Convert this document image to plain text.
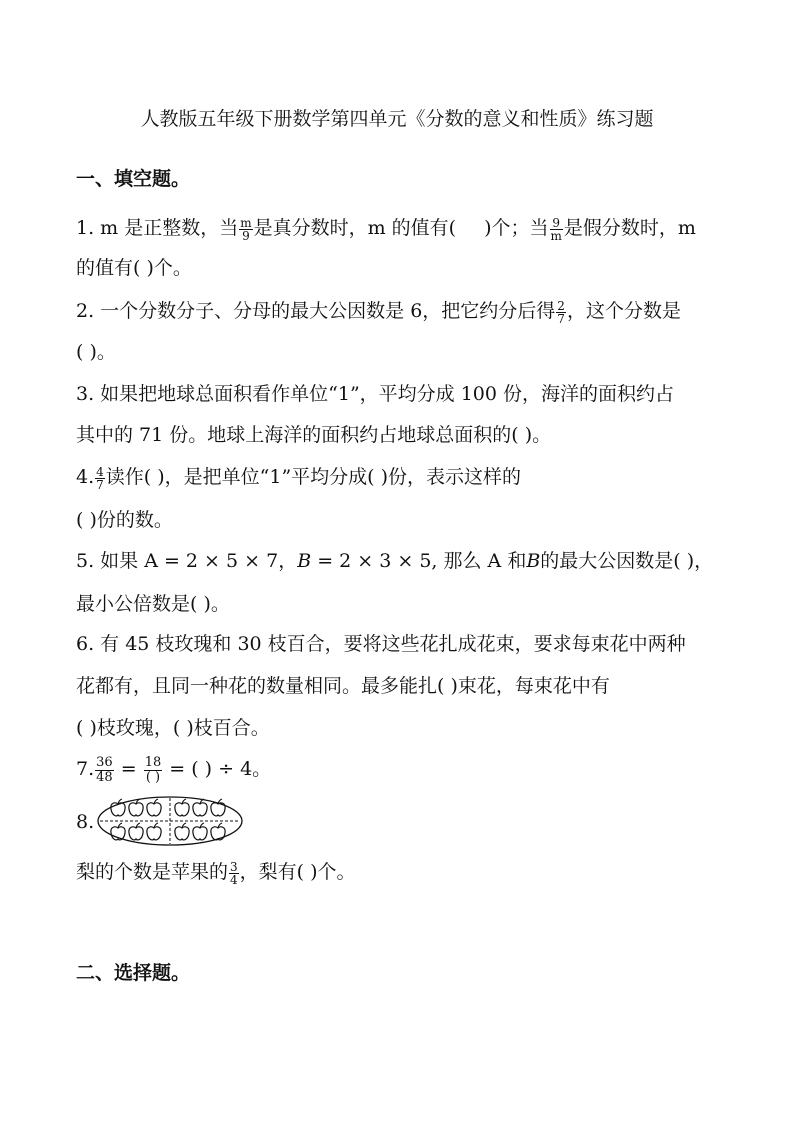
人教版五年级下册数学第四单元《分数的意义和性质》练习题
一、填空题。
1. m 是正整数，当 $\frac{m}{9}$ 是真分数时，m 的值有( )个；当 $\frac{9}{m}$ 是假分数时，m
的值有( )个。
2. 一个分数分子、分母的最大公因数是 6，把它约分后得 $\frac{2}{7}$ ，这个分数是
( )。
3. 如果把地球总面积看作单位“1”，平均分成 100 份，海洋的面积约占
其中的 71 份。地球上海洋的面积约占地球总面积的( )。
4. $\frac{4}{7}$ 读作( )，是把单位“1”平均分成( )份，表示这样的
( )份的数。
5. 如果 A = 2 × 5 × 7，B = 2 × 3 × 5, 那么 A 和B的最大公因数是( )，
最小公倍数是( )。
6. 有 45 枝玫瑰和 30 枝百合，要将这些花扎成花束，要求每束花中两种
花都有，且同一种花的数量相同。最多能扎( )束花，每束花中有
( )枝玫瑰，( )枝百合。
7. $\frac{36}{48} = \frac{18}{( )}$ = ( ) ÷ 4。
8.
梨的个数是苹果的 $\frac{3}{4}$ ，梨有( )个。
二、选择题。
